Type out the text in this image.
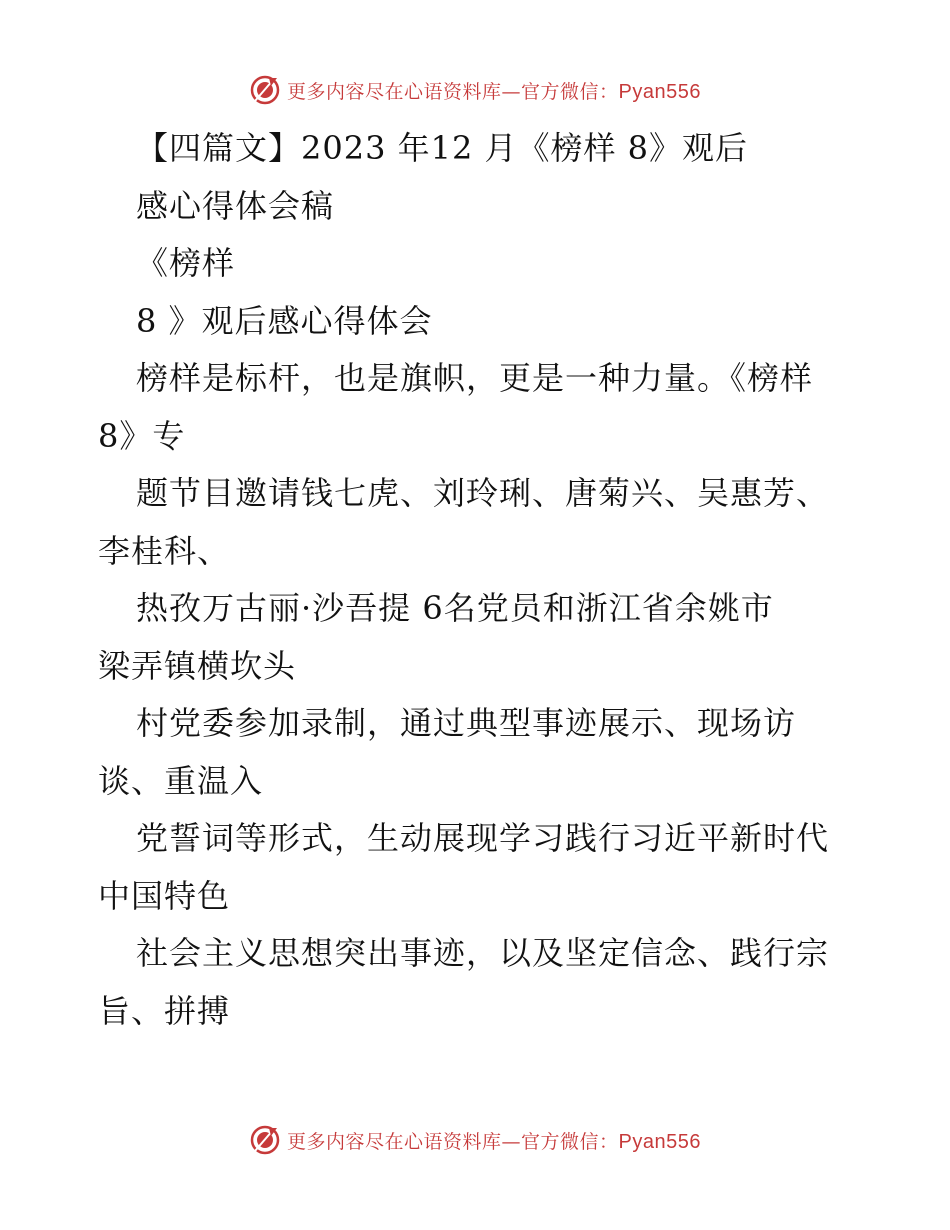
更多内容尽在心语资料库—官方微信：Pyan556
【四篇文】2023 年12 月《榜样 8》观后
感心得体会稿
《榜样
8 》观后感心得体会
榜样是标杆，也是旗帜，更是一种力量。《榜样
8》专
题节目邀请钱七虎、刘玲琍、唐菊兴、吴惠芳、
李桂科、
热孜万古丽·沙吾提 6名党员和浙江省余姚市
梁弄镇横坎头
村党委参加录制，通过典型事迹展示、现场访
谈、重温入
党誓词等形式，生动展现学习践行习近平新时代
中国特色
社会主义思想突出事迹，以及坚定信念、践行宗
旨、拼搏
更多内容尽在心语资料库—官方微信：Pyan556
